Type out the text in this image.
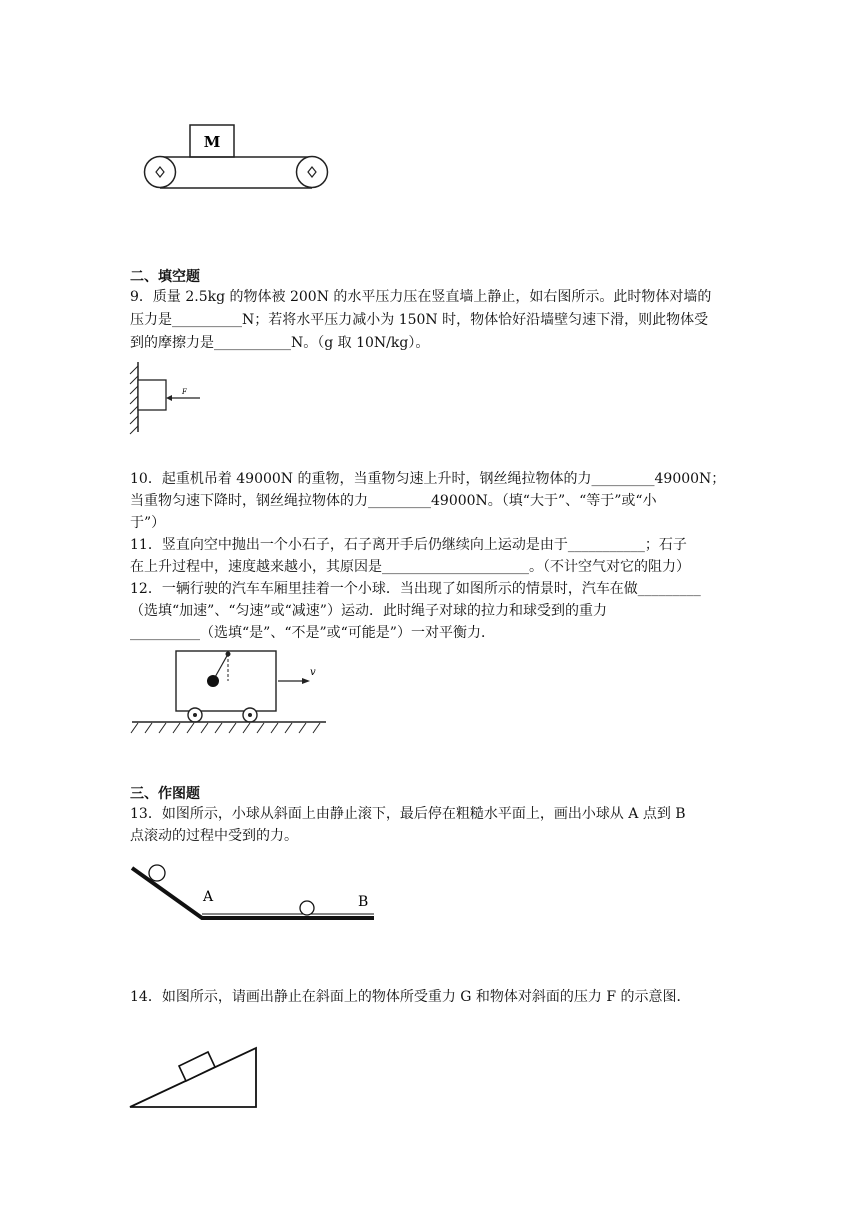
M
二、填空题
9．质量 2.5kg 的物体被 200N 的水平压力压在竖直墙上静止，如右图所示。此时物体对墙的
压力是__________N；若将水平压力减小为 150N 时，物体恰好沿墙壁匀速下滑，则此物体受
到的摩擦力是___________N。（g 取 10N/kg）。
F
10．起重机吊着 49000N 的重物，当重物匀速上升时，钢丝绳拉物体的力_________49000N；
当重物匀速下降时，钢丝绳拉物体的力_________49000N。（填“大于”、“等于”或“小
于”）
11．竖直向空中抛出一个小石子，石子离开手后仍继续向上运动是由于___________；石子
在上升过程中，速度越来越小，其原因是_____________________。（不计空气对它的阻力）
12．一辆行驶的汽车车厢里挂着一个小球．当出现了如图所示的情景时，汽车在做_________
（选填“加速”、“匀速”或“减速”）运动．此时绳子对球的拉力和球受到的重力
__________（选填“是”、“不是”或“可能是”）一对平衡力．
v
三、作图题
13．如图所示，小球从斜面上由静止滚下，最后停在粗糙水平面上，画出小球从 A 点到 B
点滚动的过程中受到的力。
A	B
14．如图所示，请画出静止在斜面上的物体所受重力 G 和物体对斜面的压力 F 的示意图．
